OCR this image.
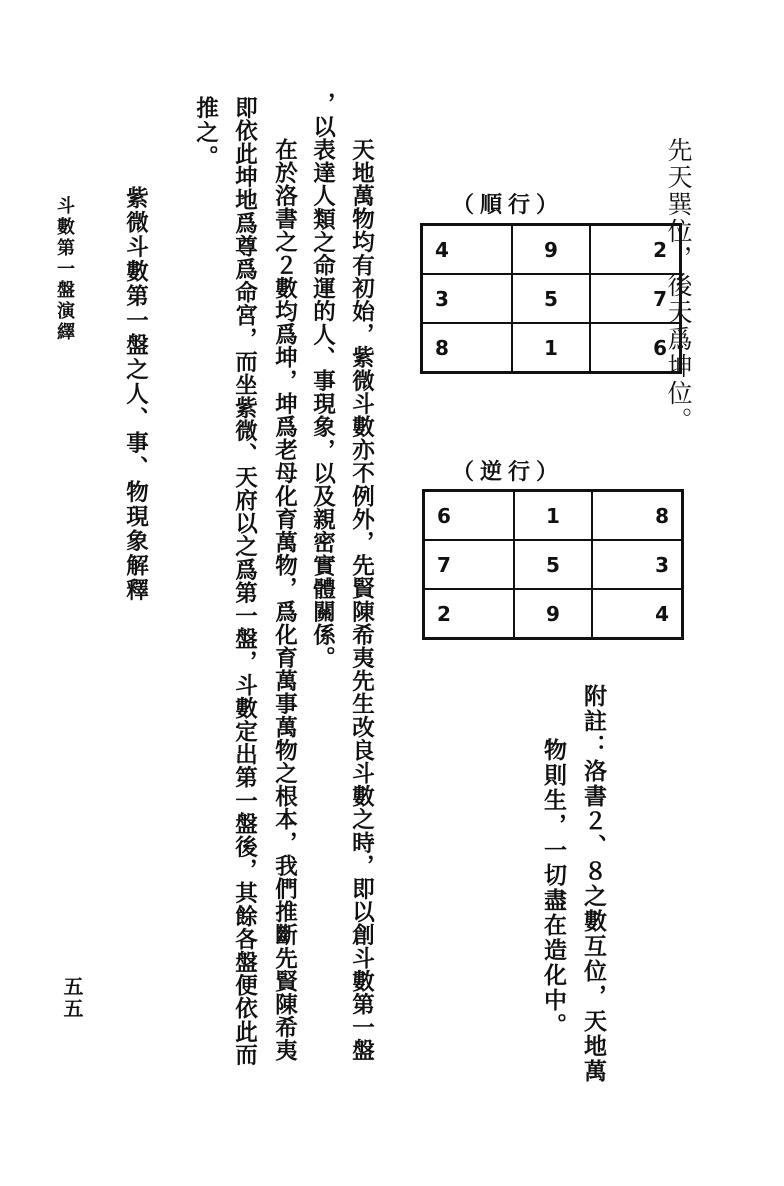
先天巽位，後天爲坤位。
（順行）
4	9	2
3	5	7
8	1	6
（逆行）
6	1	8
7	5	3
2	9	4
附註：洛書２、８之數互位，天地萬
物則生，一切盡在造化中。
天地萬物均有初始，紫微斗數亦不例外，先賢陳希夷先生改良斗數之時，即以創斗數第一盤
，以表達人類之命運的人、事現象，以及親密實體關係。
在於洛書之２數均爲坤，坤爲老母化育萬物，爲化育萬事萬物之根本，我們推斷先賢陳希夷
即依此坤地爲尊爲命宮，而坐紫微、天府以之爲第一盤，斗數定出第一盤後，其餘各盤便依此而
推之。
紫微斗數第一盤之人、事、物現象解釋
斗數第一盤演繹
五五
